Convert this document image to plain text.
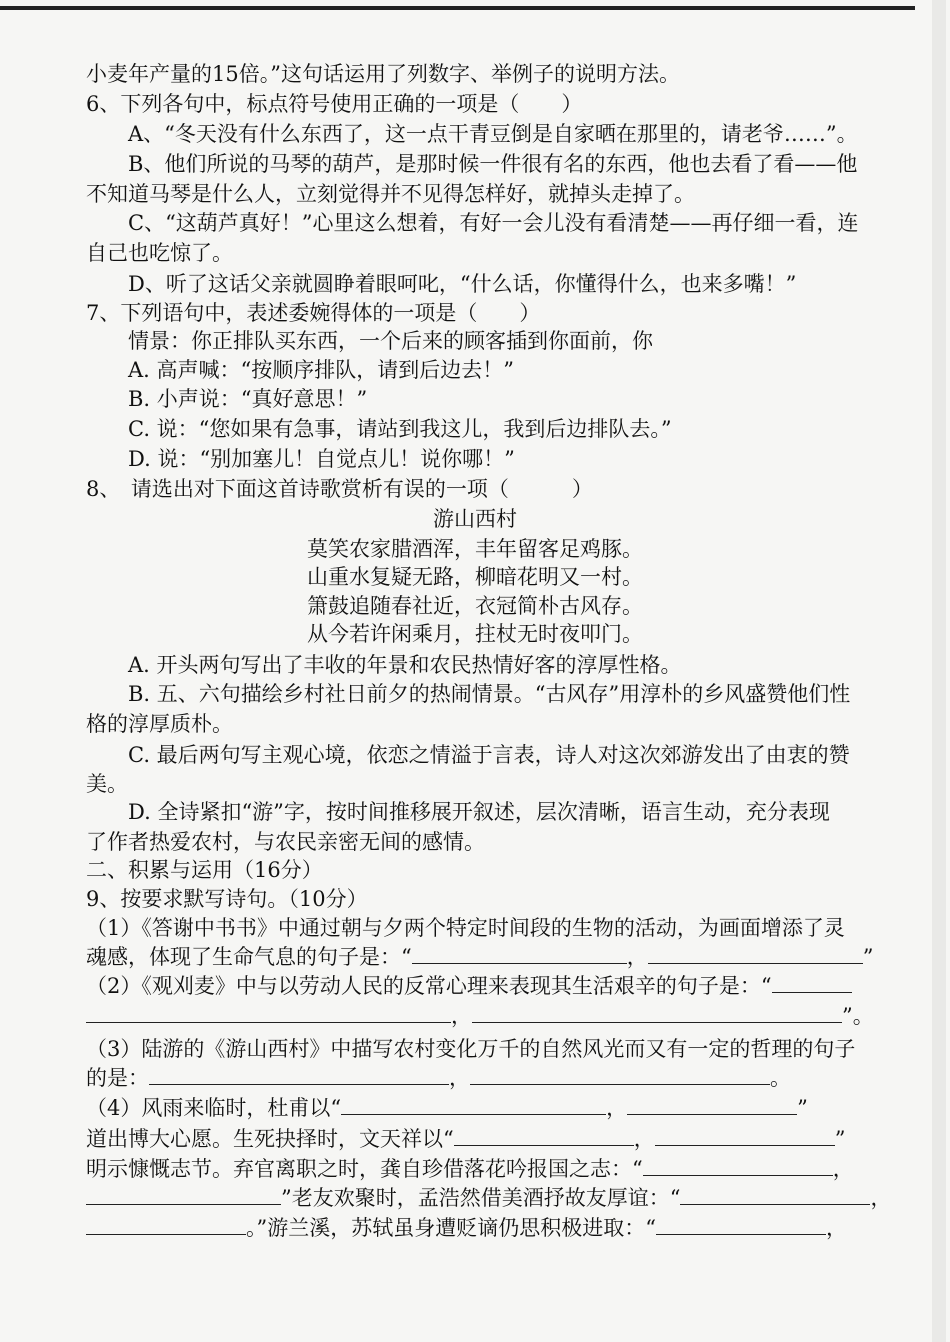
小麦年产量的15倍。”这句话运用了列数字、举例子的说明方法。
6、下列各句中，标点符号使用正确的一项是（　　）
A、“冬天没有什么东西了，这一点干青豆倒是自家晒在那里的，请老爷……”。
B、他们所说的马琴的葫芦，是那时候一件很有名的东西，他也去看了看——他
不知道马琴是什么人，立刻觉得并不见得怎样好，就掉头走掉了。
C、“这葫芦真好！”心里这么想着，有好一会儿没有看清楚——再仔细一看，连
自己也吃惊了。
D、听了这话父亲就圆睁着眼呵叱，“什么话，你懂得什么，也来多嘴！”
7、下列语句中，表述委婉得体的一项是（　　）
情景：你正排队买东西，一个后来的顾客插到你面前，你
A. 高声喊：“按顺序排队，请到后边去！”
B. 小声说：“真好意思！”
C. 说：“您如果有急事，请站到我这儿，我到后边排队去。”
D. 说：“别加塞儿！自觉点儿！说你哪！”
8、　请选出对下面这首诗歌赏析有误的一项（　　　）
游山西村
莫笑农家腊酒浑，丰年留客足鸡豚。
山重水复疑无路，柳暗花明又一村。
箫鼓追随春社近，衣冠简朴古风存。
从今若许闲乘月，拄杖无时夜叩门。
A. 开头两句写出了丰收的年景和农民热情好客的淳厚性格。
B. 五、六句描绘乡村社日前夕的热闹情景。“古风存”用淳朴的乡风盛赞他们性
格的淳厚质朴。
C. 最后两句写主观心境，依恋之情溢于言表，诗人对这次郊游发出了由衷的赞
美。
D. 全诗紧扣“游”字，按时间推移展开叙述，层次清晰，语言生动，充分表现
了作者热爱农村，与农民亲密无间的感情。
二、积累与运用（16分）
9、按要求默写诗句。（10分）
（1）《答谢中书书》中通过朝与夕两个特定时间段的生物的活动，为画面增添了灵
魂感，体现了生命气息的句子是：“	，	”
（2）《观刈麦》中与以劳动人民的反常心理来表现其生活艰辛的句子是：“
，	”。
（3）陆游的《游山西村》中描写农村变化万千的自然风光而又有一定的哲理的句子
的是：	，	。
（4）风雨来临时，杜甫以“	，	”
道出博大心愿。生死抉择时，文天祥以“	，	”
明示慷慨志节。弃官离职之时，龚自珍借落花吟报国之志：“	，
”老友欢聚时，孟浩然借美酒抒故友厚谊：“	，
。”游兰溪，苏轼虽身遭贬谪仍思积极进取：“	，
